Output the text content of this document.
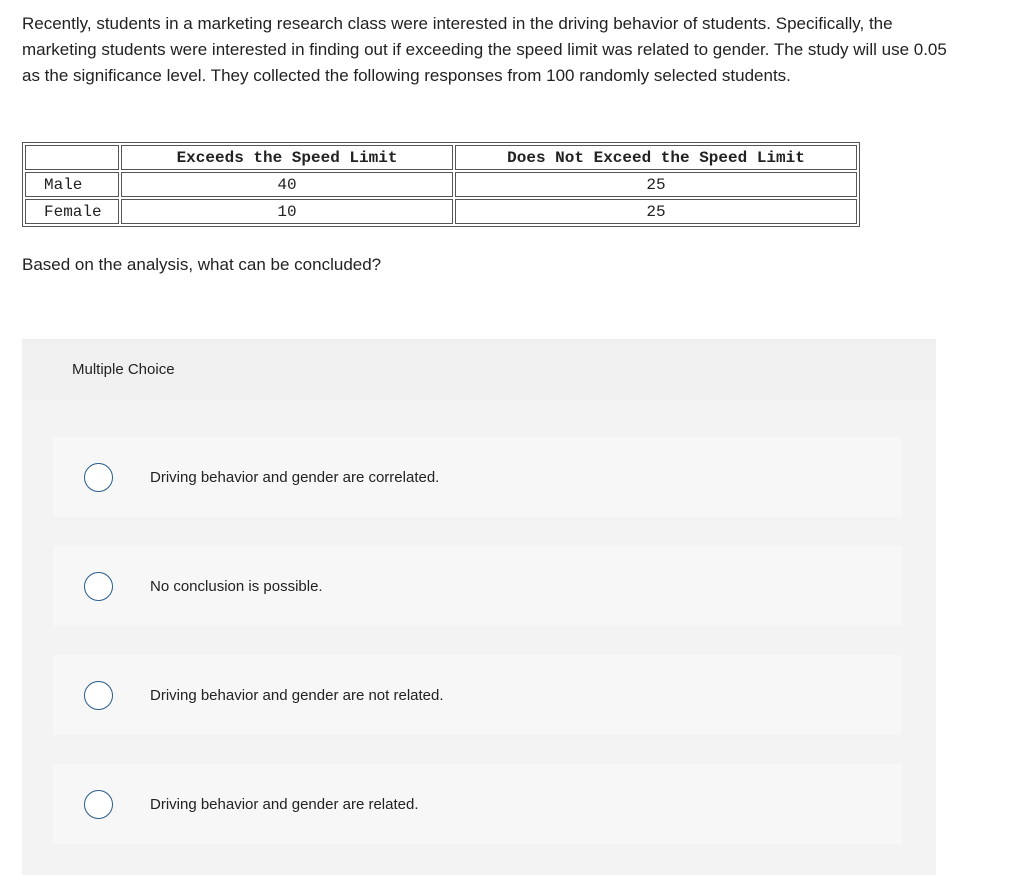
Recently, students in a marketing research class were interested in the driving behavior of students. Specifically, the marketing students were interested in finding out if exceeding the speed limit was related to gender. The study will use 0.05 as the significance level. They collected the following responses from 100 randomly selected students.
	Exceeds the Speed Limit	Does Not Exceed the Speed Limit
Male	40	25
Female	10	25
Based on the analysis, what can be concluded?
Multiple Choice
Driving behavior and gender are correlated.
No conclusion is possible.
Driving behavior and gender are not related.
Driving behavior and gender are related.
